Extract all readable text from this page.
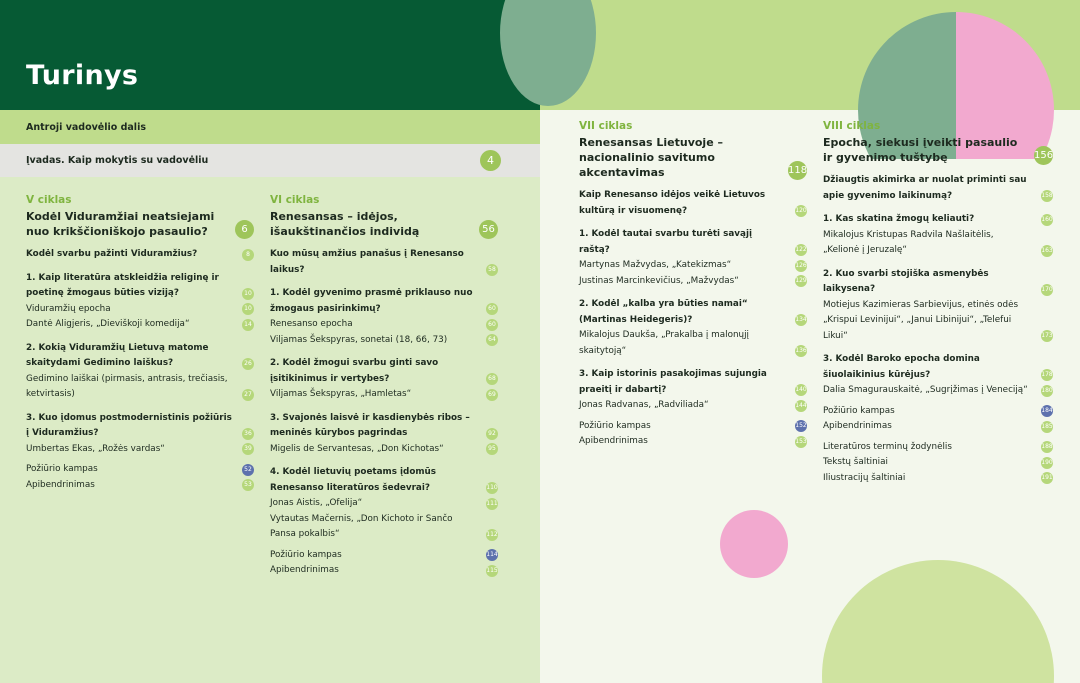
Turinys
Antroji vadovėlio dalis
Įvadas. Kaip mokytis su vadovėliu	4
V ciklas
Kodėl Viduramžiai neatsiejami nuo krikščioniškojo pasaulio?	6
Kodėl svarbu pažinti Viduramžius?	8
1. Kaip literatūra atskleidžia religinę ir poetinę žmogaus būties viziją?	10
Viduramžių epocha	10
Dantė Aligjeris, „Dieviškoji komedija“	14
2. Kokią Viduramžių Lietuvą matome skaitydami Gedimino laiškus?	26
Gedimino laiškai (pirmasis, antrasis, trečiasis, ketvirtasis)	27
3. Kuo įdomus postmodernistinis požiūris į Viduramžius?	36
Umbertas Ekas, „Rožės vardas“	39
Požiūrio kampas	52
Apibendrinimas	53
VI ciklas
Renesansas – idėjos, išaukštinančios individą	56
Kuo mūsų amžius panašus į Renesanso laikus?	58
1. Kodėl gyvenimo prasmė priklauso nuo žmogaus pasirinkimų?	60
Renesanso epocha	60
Viljamas Šekspyras, sonetai (18, 66, 73)	64
2. Kodėl žmogui svarbu ginti savo įsitikinimus ir vertybes?	68
Viljamas Šekspyras, „Hamletas“	69
3. Svajonės laisvė ir kasdienybės ribos – meninės kūrybos pagrindas	92
Migelis de Servantesas, „Don Kichotas“	95
4. Kodėl lietuvių poetams įdomūs Renesanso literatūros šedevrai?	110
Jonas Aistis, „Ofelija“	111
Vytautas Mačernis, „Don Kichoto ir Sančo Pansa pokalbis“	112
Požiūrio kampas	114
Apibendrinimas	115
VII ciklas
Renesansas Lietuvoje – nacionalinio savitumo akcentavimas	118
Kaip Renesanso idėjos veikė Lietuvos kultūrą ir visuomenę?	120
1. Kodėl tautai svarbu turėti savąjį raštą?	122
Martynas Mažvydas, „Katekizmas“	126
Justinas Marcinkevičius, „Mažvydas“	129
2. Kodėl „kalba yra būties namai“ (Martinas Heidegeris)?	134
Mikalojus Daukša, „Prakalba į malonųjį skaitytoją“	136
3. Kaip istorinis pasakojimas sujungia praeitį ir dabartį?	140
Jonas Radvanas, „Radviliada“	144
Požiūrio kampas	152
Apibendrinimas	153
VIII ciklas
Epocha, siekusi įveikti pasaulio ir gyvenimo tuštybę	156
Džiaugtis akimirka ar nuolat priminti sau apie gyvenimo laikinumą?	158
1. Kas skatina žmogų keliauti?	160
Mikalojus Kristupas Radvila Našlaitėlis, „Kelionė į Jeruzalę“	163
2. Kuo svarbi stojiška asmenybės laikysena?	170
Motiejus Kazimieras Sarbievijus, etinės odės „Krispui Levinijui“, „Janui Libinijui“, „Telefui Likui“	173
3. Kodėl Baroko epocha domina šiuolaikinius kūrėjus?	178
Dalia Smagurauskaitė, „Sugrįžimas į Veneciją“ 180
Požiūrio kampas	184
Apibendrinimas	185
Literatūros terminų žodynėlis	188
Tekstų šaltiniai	190
Iliustracijų šaltiniai	191
